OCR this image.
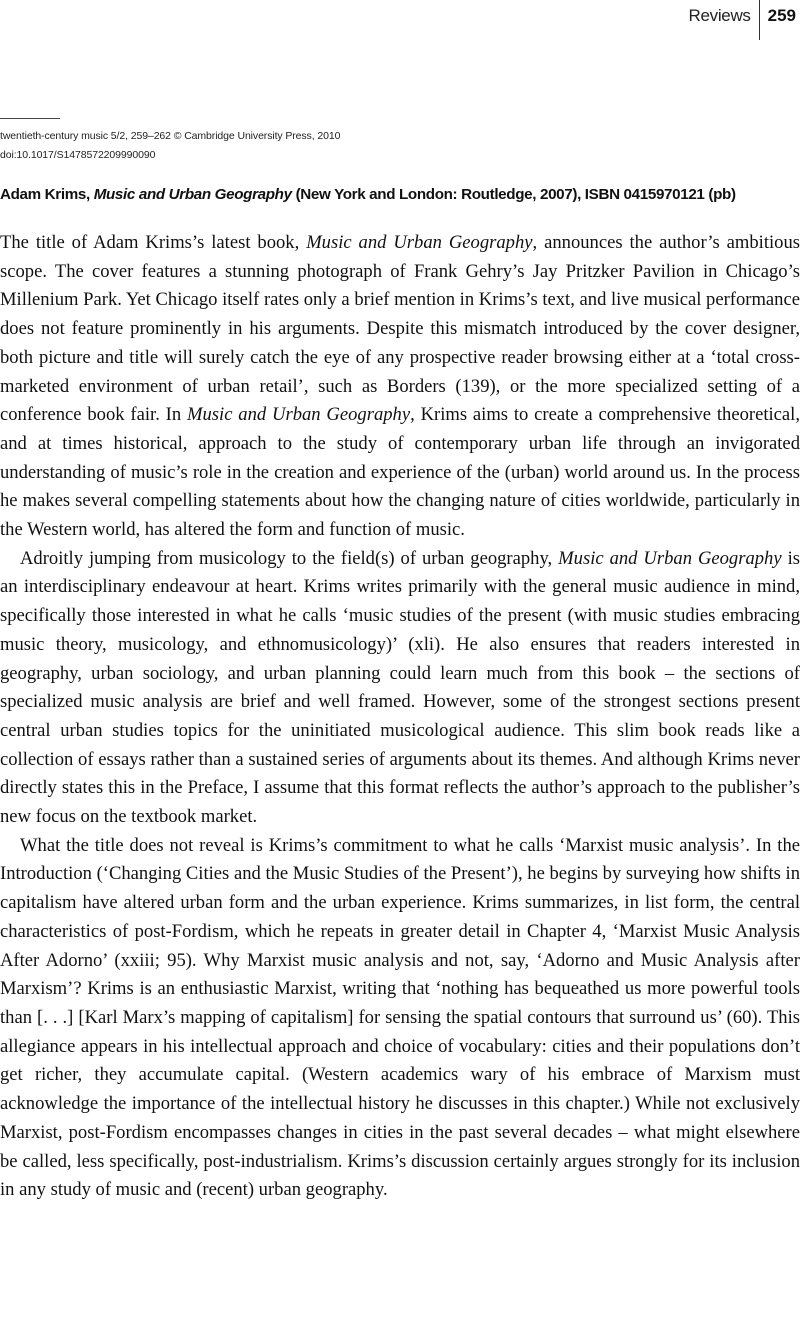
Reviews	259
twentieth-century music 5/2, 259–262 © Cambridge University Press, 2010
doi:10.1017/S1478572209990090
Adam Krims, Music and Urban Geography (New York and London: Routledge, 2007), ISBN 0415970121 (pb)

The title of Adam Krims’s latest book, Music and Urban Geography, announces the author’s ambitious scope. The cover features a stunning photograph of Frank Gehry’s Jay Pritzker Pavilion in Chicago’s Millenium Park. Yet Chicago itself rates only a brief mention in Krims’s text, and live musical performance does not feature prominently in his arguments. Despite this mismatch introduced by the cover designer, both picture and title will surely catch the eye of any prospective reader browsing either at a ‘total cross-marketed environment of urban retail’, such as Borders (139), or the more specialized setting of a conference book fair. In Music and Urban Geography, Krims aims to create a comprehensive theoretical, and at times historical, approach to the study of contemporary urban life through an invigorated understanding of music’s role in the creation and experience of the (urban) world around us. In the process he makes several compelling statements about how the changing nature of cities worldwide, particularly in the Western world, has altered the form and function of music.

Adroitly jumping from musicology to the field(s) of urban geography, Music and Urban Geography is an interdisciplinary endeavour at heart. Krims writes primarily with the general music audience in mind, specifically those interested in what he calls ‘music studies of the present (with music studies embracing music theory, musicology, and ethnomusicology)’ (xli). He also ensures that readers interested in geography, urban sociology, and urban planning could learn much from this book – the sections of specialized music analysis are brief and well framed. However, some of the strongest sections present central urban studies topics for the uninitiated musicological audience. This slim book reads like a collection of essays rather than a sustained series of arguments about its themes. And although Krims never directly states this in the Preface, I assume that this format reflects the author’s approach to the publisher’s new focus on the textbook market.

What the title does not reveal is Krims’s commitment to what he calls ‘Marxist music analysis’. In the Introduction (‘Changing Cities and the Music Studies of the Present’), he begins by surveying how shifts in capitalism have altered urban form and the urban experience. Krims summarizes, in list form, the central characteristics of post-Fordism, which he repeats in greater detail in Chapter 4, ‘Marxist Music Analysis After Adorno’ (xxiii; 95). Why Marxist music analysis and not, say, ‘Adorno and Music Analysis after Marxism’? Krims is an enthusiastic Marxist, writing that ‘nothing has bequeathed us more powerful tools than [. . .] [Karl Marx’s mapping of capitalism] for sensing the spatial contours that surround us’ (60). This allegiance appears in his intellectual approach and choice of vocabulary: cities and their populations don’t get richer, they accumulate capital. (Western academics wary of his embrace of Marxism must acknowledge the importance of the intellectual history he discusses in this chapter.) While not exclusively Marxist, post-Fordism encompasses changes in cities in the past several decades – what might elsewhere be called, less specifically, post-industrialism. Krims’s discussion certainly argues strongly for its inclusion in any study of music and (recent) urban geography.
